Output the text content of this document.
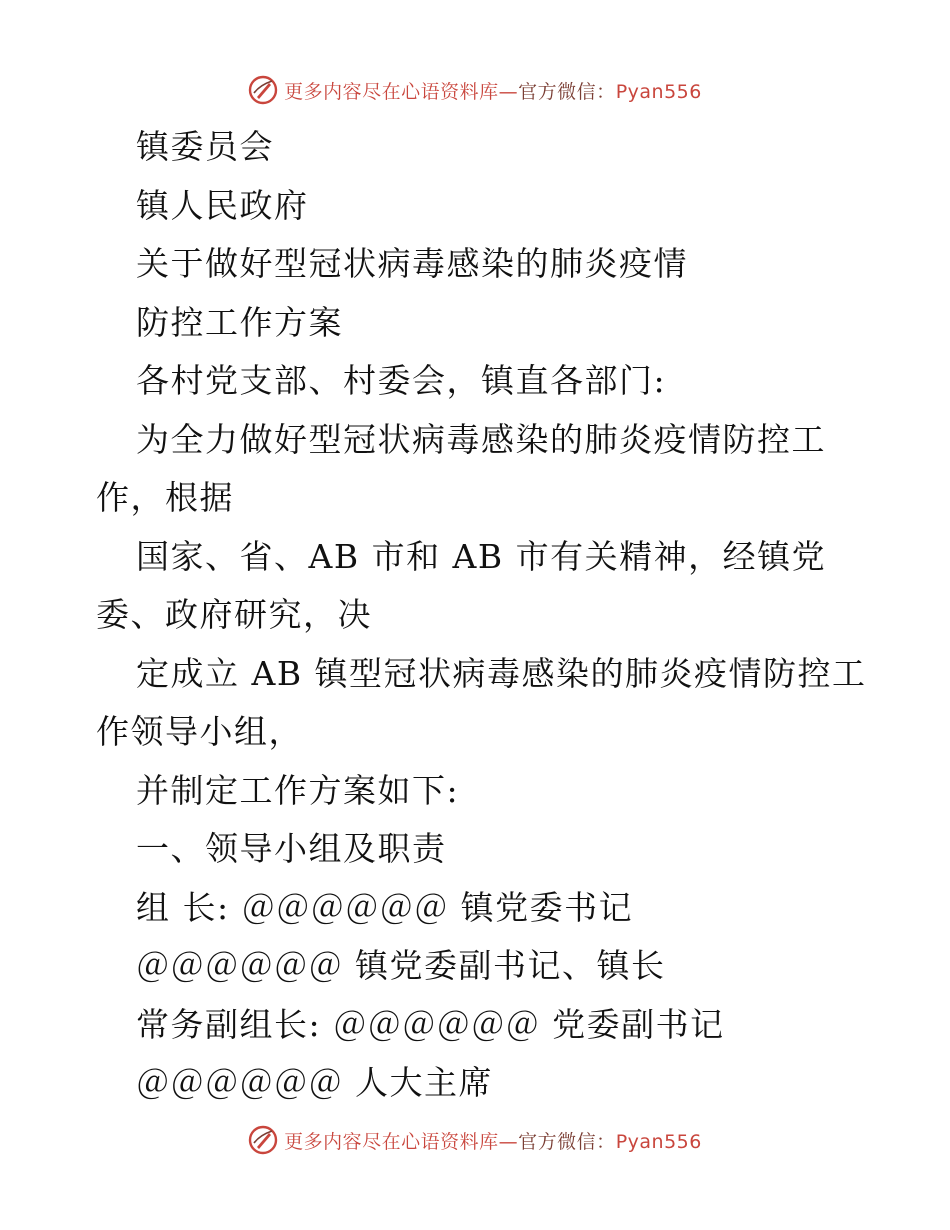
更多内容尽在心语资料库—官方微信：Pyan556
镇委员会
镇人民政府
关于做好型冠状病毒感染的肺炎疫情
防控工作方案
各村党支部、村委会，镇直各部门:
为全力做好型冠状病毒感染的肺炎疫情防控工
作，根据
国家、省、AB 市和 AB 市有关精神，经镇党
委、政府研究，决
定成立 AB 镇型冠状病毒感染的肺炎疫情防控工
作领导小组，
并制定工作方案如下:
一、领导小组及职责
组 长: ＠＠＠＠＠＠ 镇党委书记
＠＠＠＠＠＠ 镇党委副书记、镇长
常务副组长: ＠＠＠＠＠＠ 党委副书记
＠＠＠＠＠＠ 人大主席
更多内容尽在心语资料库—官方微信：Pyan556
